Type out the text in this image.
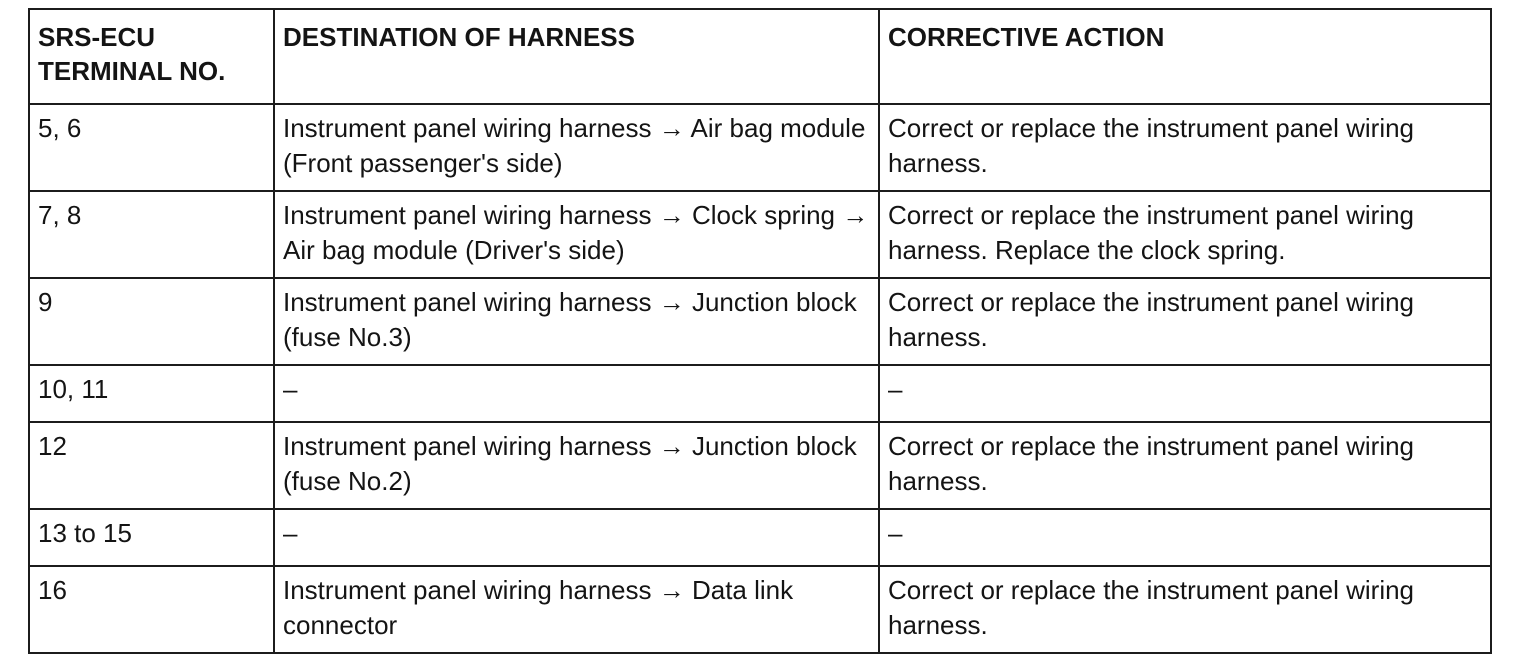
SRS-ECU TERMINAL NO.	DESTINATION OF HARNESS	CORRECTIVE ACTION
5, 6	Instrument panel wiring harness → Air bag module (Front passenger's side)	Correct or replace the instrument panel wiring harness.
7, 8	Instrument panel wiring harness → Clock spring → Air bag module (Driver's side)	Correct or replace the instrument panel wiring harness. Replace the clock spring.
9	Instrument panel wiring harness → Junction block (fuse No.3)	Correct or replace the instrument panel wiring harness.
10, 11	–	–
12	Instrument panel wiring harness → Junction block (fuse No.2)	Correct or replace the instrument panel wiring harness.
13 to 15	–	–
16	Instrument panel wiring harness → Data link connector	Correct or replace the instrument panel wiring harness.
